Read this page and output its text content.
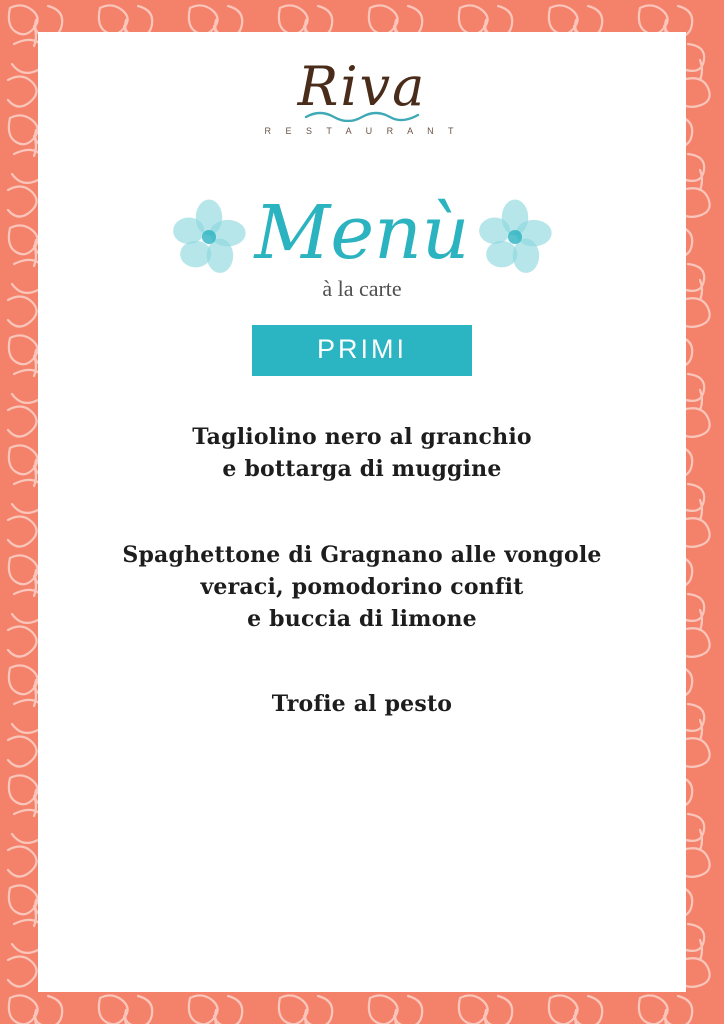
Riva
R E S T A U R A N T
Menù
à la carte
PRIMI
Tagliolino nero al granchio
e bottarga di muggine
Spaghettone di Gragnano alle vongole
veraci, pomodorino confit
e buccia di limone
Trofie al pesto
